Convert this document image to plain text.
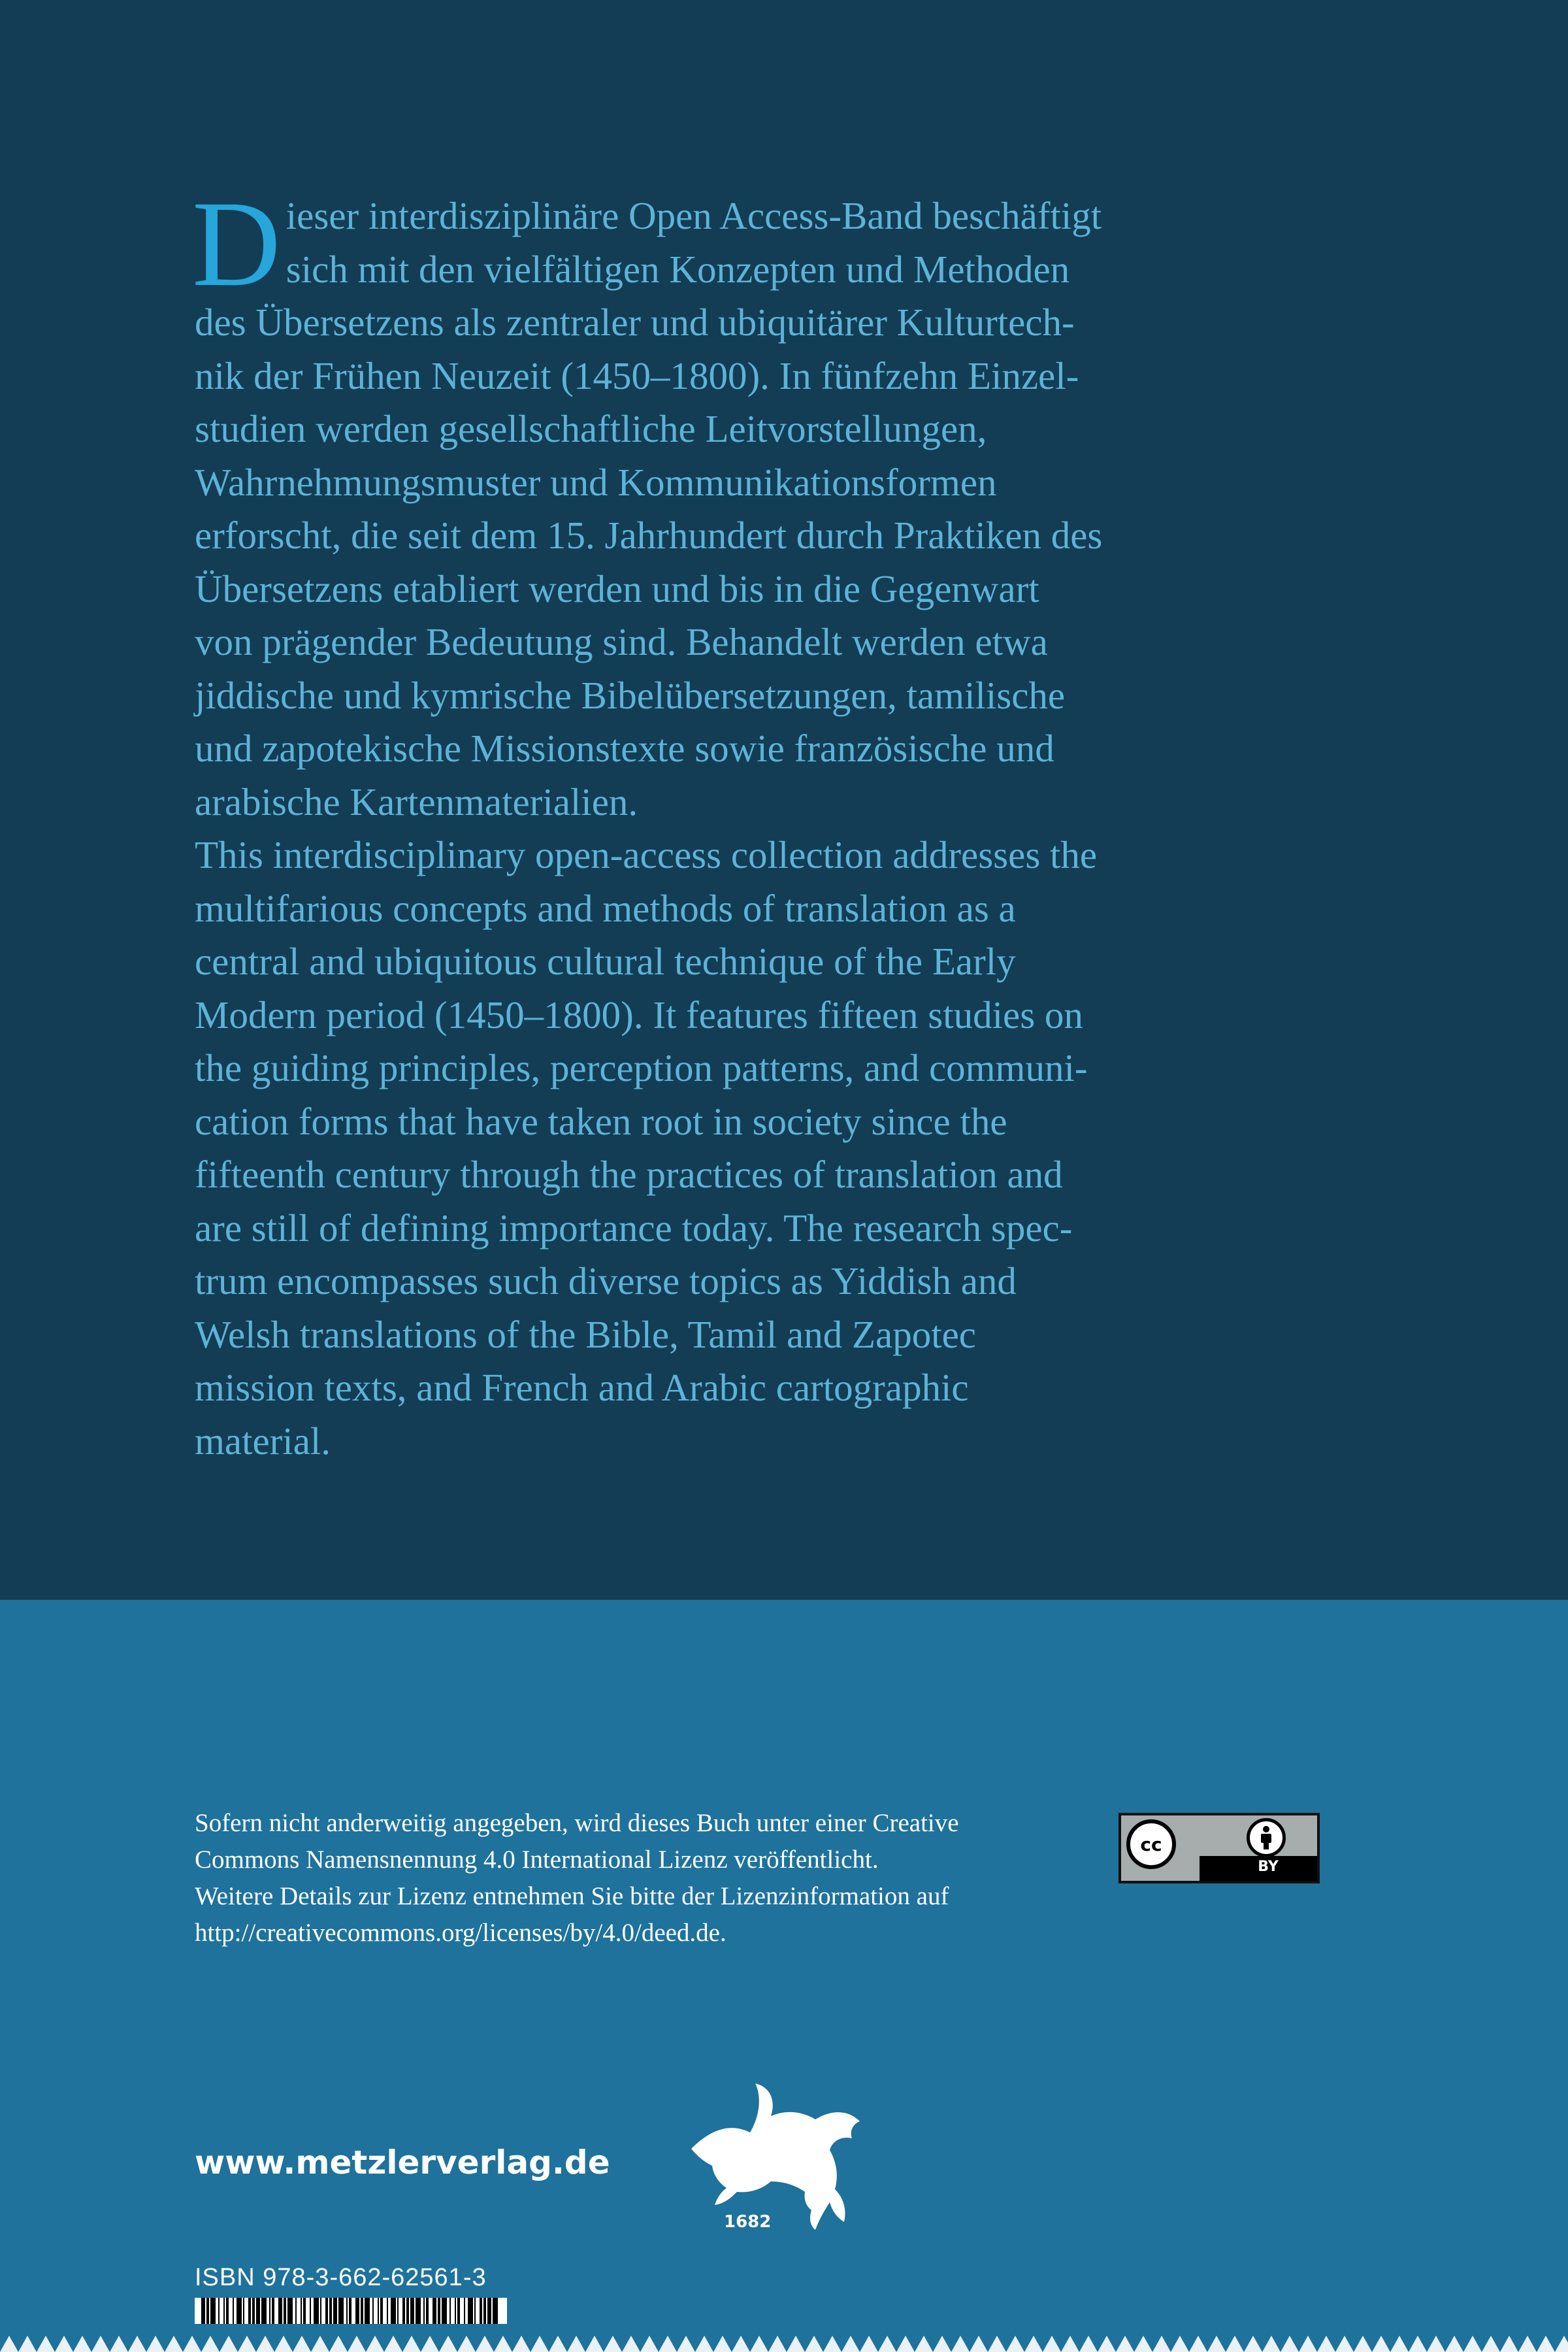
D ieser interdisziplinäre Open Access-Band beschäftigt
sich mit den vielfältigen Konzepten und Methoden
des Übersetzens als zentraler und ubiquitärer Kulturtech-
nik der Frühen Neuzeit (1450–1800). In fünfzehn Einzel-
studien werden gesellschaftliche Leitvorstellungen,
Wahrnehmungsmuster und Kommunikationsformen
erforscht, die seit dem 15. Jahrhundert durch Praktiken des
Übersetzens etabliert werden und bis in die Gegenwart
von prägender Bedeutung sind. Behandelt werden etwa
jiddische und kymrische Bibelübersetzungen, tamilische
und zapotekische Missionstexte sowie französische und
arabische Kartenmaterialien.

This interdisciplinary open-access collection addresses the
multifarious concepts and methods of translation as a
central and ubiquitous cultural technique of the Early
Modern period (1450–1800). It features fifteen studies on
the guiding principles, perception patterns, and communi-
cation forms that have taken root in society since the
fifteenth century through the practices of translation and
are still of defining importance today. The research spec-
trum encompasses such diverse topics as Yiddish and
Welsh translations of the Bible, Tamil and Zapotec
mission texts, and French and Arabic cartographic
material.

Sofern nicht anderweitig angegeben, wird dieses Buch unter einer Creative
Commons Namensnennung 4.0 International Lizenz veröffentlicht.
Weitere Details zur Lizenz entnehmen Sie bitte der Lizenzinformation auf
http://creativecommons.org/licenses/by/4.0/deed.de.
cc
BY
www.metzlerverlag.de
1682
ISBN 978-3-662-62561-3
